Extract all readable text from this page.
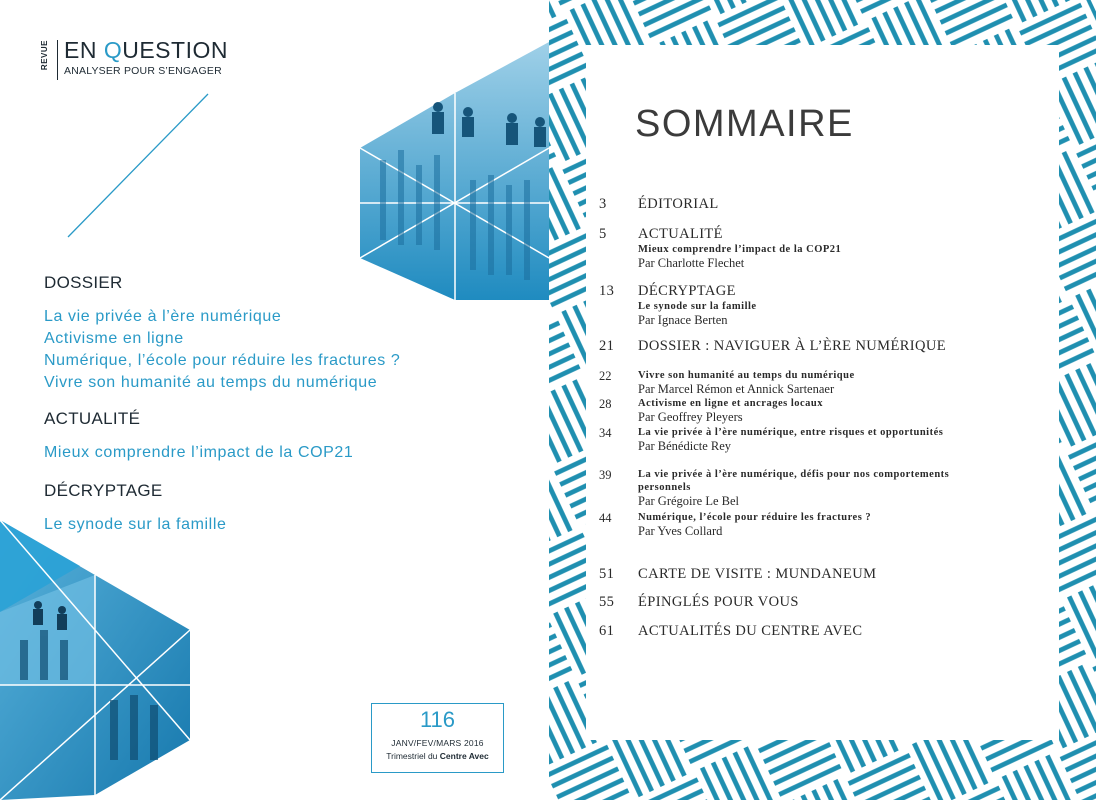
REVUE EN QUESTION
ANALYSER POUR S’ENGAGER
DOSSIER
La vie privée à l’ère numérique
Activisme en ligne
Numérique, l’école pour réduire les fractures ?
Vivre son humanité au temps du numérique
ACTUALITÉ
Mieux comprendre l’impact de la COP21
DÉCRYPTAGE
Le synode sur la famille
116
JANV/FEV/MARS 2016
Trimestriel du Centre Avec
SOMMAIRE
3	ÉDITORIAL
5	ACTUALITÉ
Mieux comprendre l’impact de la COP21
Par Charlotte Flechet
13	DÉCRYPTAGE
Le synode sur la famille
Par Ignace Berten
21	DOSSIER : NAVIGUER À L’ÈRE NUMÉRIQUE
22	Vivre son humanité au temps du numérique
Par Marcel Rémon et Annick Sartenaer
28	Activisme en ligne et ancrages locaux
Par Geoffrey Pleyers
34	La vie privée à l’ère numérique, entre risques et opportunités
Par Bénédicte Rey
39	La vie privée à l’ère numérique, défis pour nos comportements personnels
Par Grégoire Le Bel
44	Numérique, l’école pour réduire les fractures ?
Par Yves Collard
51	CARTE DE VISITE : MUNDANEUM
55	ÉPINGLÉS POUR VOUS
61	ACTUALITÉS DU CENTRE AVEC
